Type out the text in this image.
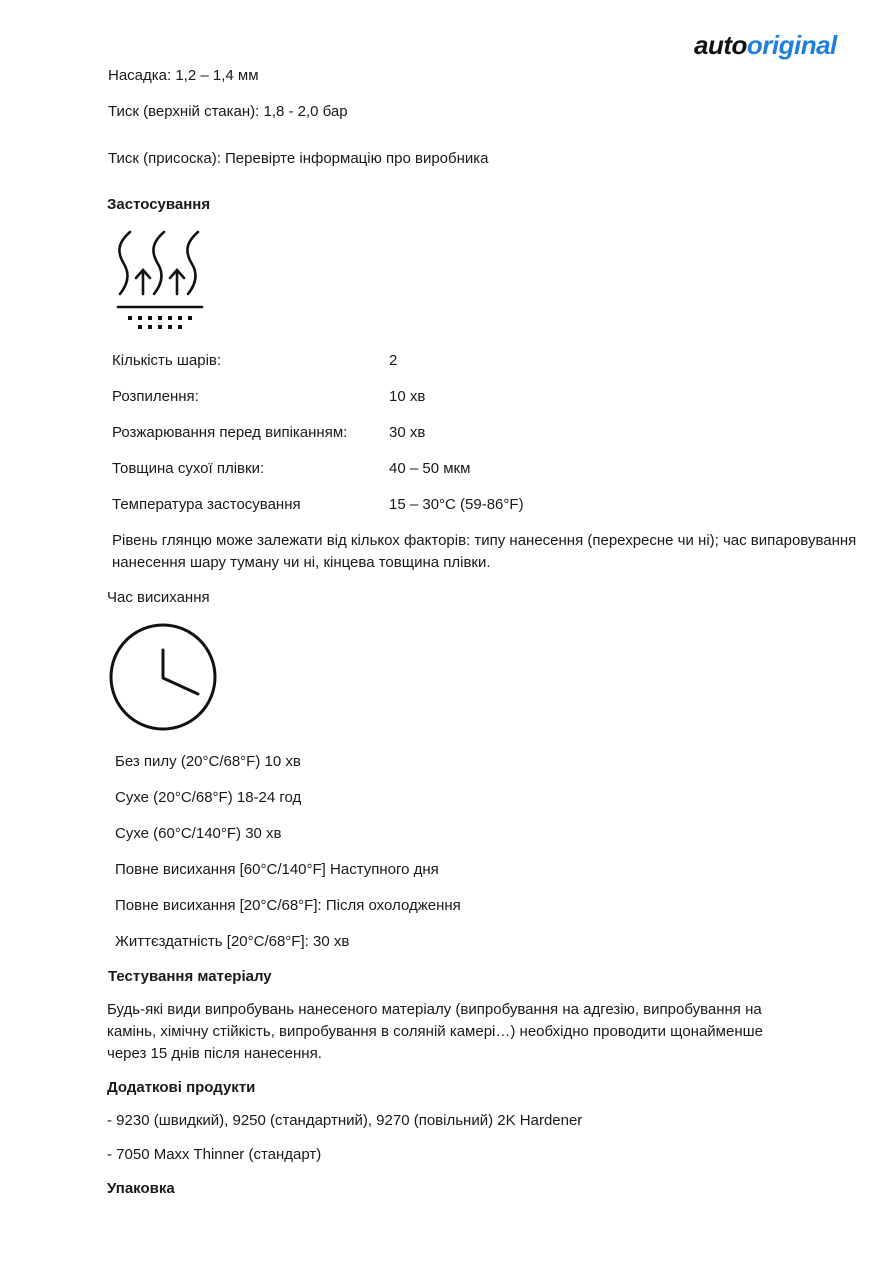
autooriginal
Насадка: 1,2 – 1,4 мм
Тиск (верхній стакан): 1,8 - 2,0 бар
Тиск (присоска): Перевірте інформацію про виробника
Застосування
Кількість шарів:	2
Розпилення:	10 хв
Розжарювання перед випіканням:	30 хв
Товщина сухої плівки:	40 – 50 мкм
Температура застосування	15 – 30°C (59-86°F)
Рівень глянцю може залежати від кількох факторів: типу нанесення (перехресне чи ні); час випаровування
нанесення шару туману чи ні, кінцева товщина плівки.
Час висихання
Без пилу (20°C/68°F) 10 хв
Сухе (20°C/68°F) 18-24 год
Сухе (60°C/140°F) 30 хв
Повне висихання [60°C/140°F] Наступного дня
Повне висихання [20°C/68°F]: Після охолодження
Життєздатність [20°C/68°F]: 30 хв
Тестування матеріалу
Будь-які види випробувань нанесеного матеріалу (випробування на адгезію, випробування на
камінь, хімічну стійкість, випробування в соляній камері…) необхідно проводити щонайменше
через 15 днів після нанесення.
Додаткові продукти
- 9230 (швидкий), 9250 (стандартний), 9270 (повільний) 2K Hardener
- 7050 Maxx Thinner (стандарт)
Упаковка
